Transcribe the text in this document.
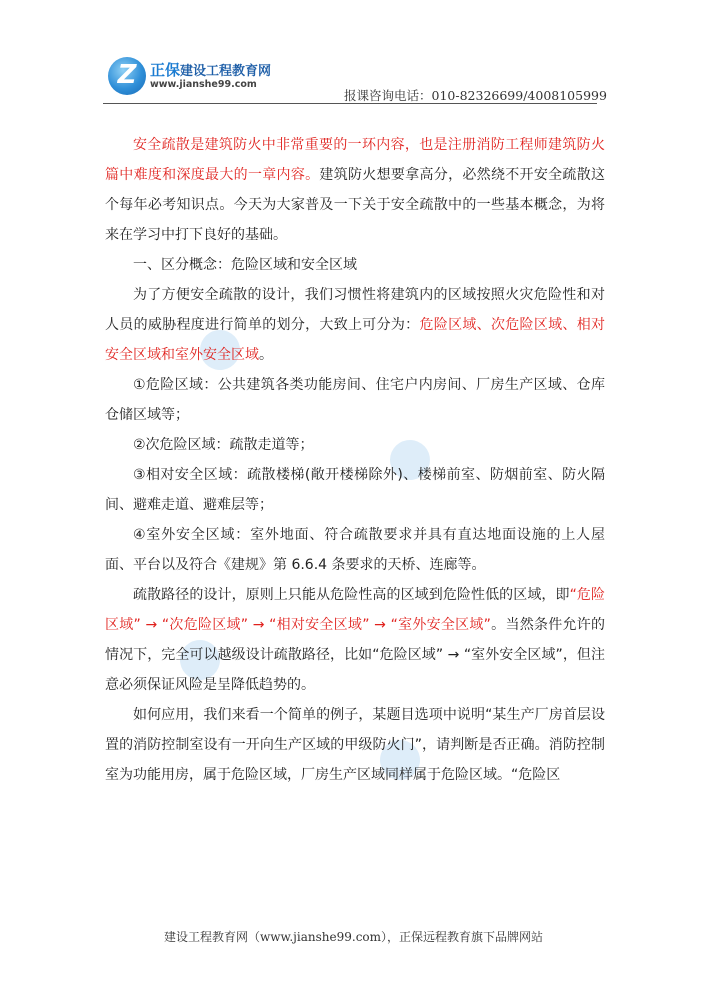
Z
正保建设工程教育网
www.jianshe99.com
报课咨询电话：010-82326699/4008105999

安全疏散是建筑防火中非常重要的一环内容，也是注册消防工程师建筑防火篇中难度和深度最大的一章内容。建筑防火想要拿高分，必然绕不开安全疏散这个每年必考知识点。今天为大家普及一下关于安全疏散中的一些基本概念，为将来在学习中打下良好的基础。

一、区分概念：危险区域和安全区域

为了方便安全疏散的设计，我们习惯性将建筑内的区域按照火灾危险性和对人员的威胁程度进行简单的划分，大致上可分为：危险区域、次危险区域、相对安全区域和室外安全区域。

①危险区域：公共建筑各类功能房间、住宅户内房间、厂房生产区域、仓库仓储区域等；

②次危险区域：疏散走道等；

③相对安全区域：疏散楼梯(敞开楼梯除外)、楼梯前室、防烟前室、防火隔间、避难走道、避难层等；

④室外安全区域：室外地面、符合疏散要求并具有直达地面设施的上人屋面、平台以及符合《建规》第 6.6.4 条要求的天桥、连廊等。

疏散路径的设计，原则上只能从危险性高的区域到危险性低的区域，即“危险区域” → “次危险区域” → “相对安全区域” → “室外安全区域”。当然条件允许的情况下，完全可以越级设计疏散路径，比如“危险区域” → “室外安全区域”，但注意必须保证风险是呈降低趋势的。

如何应用，我们来看一个简单的例子，某题目选项中说明“某生产厂房首层设置的消防控制室设有一开向生产区域的甲级防火门”，请判断是否正确。消防控制室为功能用房，属于危险区域，厂房生产区域同样属于危险区域。“危险区

建设工程教育网（www.jianshe99.com），正保远程教育旗下品牌网站
